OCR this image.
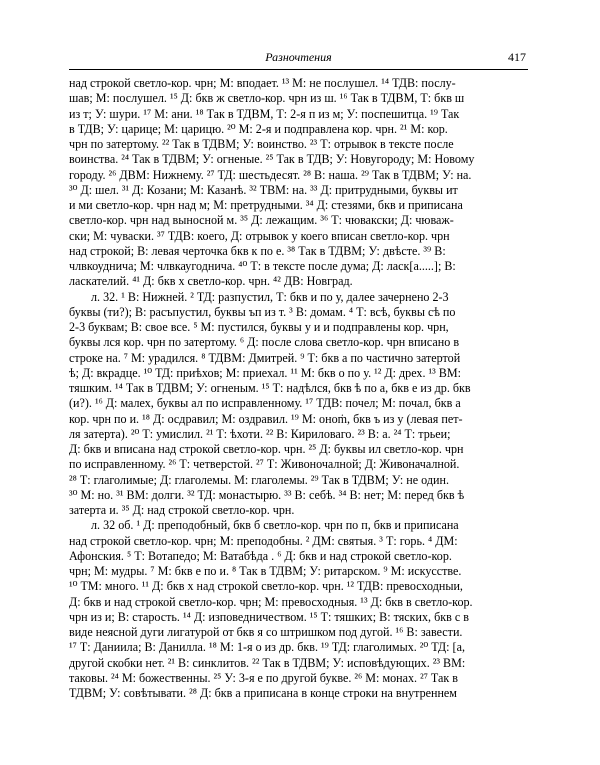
Разночтения	417
над строкой светло-кор. чрн; М: вподает. ¹³ М: не послушел. ¹⁴ ТДВ: послу-
шав; М: послушел. ¹⁵ Д: бкв ж светло-кор. чрн из ш. ¹⁶ Так в ТДВМ, Т: бкв ш
из т; У: шури. ¹⁷ М: ани. ¹⁸ Так в ТДВМ, Т: 2-я п из м; У: поспешитца. ¹⁹ Так
в ТДВ; У: царице; М: царицю. ²⁰ М: 2-я и подправлена кор. чрн. ²¹ М: кор.
чрн по затертому. ²² Так в ТДВМ; У: воинство. ²³ Т: отрывок в тексте после
воинства. ²⁴ Так в ТДВМ; У: огненые. ²⁵ Так в ТДВ; У: Новугороду; М: Новому
городу. ²⁶ ДВМ: Нижнему. ²⁷ ТД: шестьдесят. ²⁸ В: наша. ²⁹ Так в ТДВМ; У: на.
³⁰ Д: шел. ³¹ Д: Козани; М: Казанѣ. ³² ТВМ: на. ³³ Д: притрудными, буквы ит
и ми светло-кор. чрн над м; М: претрудными. ³⁴ Д: стезями, бкв и приписана
светло-кор. чрн над выносной м. ³⁵ Д: лежащим. ³⁶ Т: чювакски; Д: чюваж-
ски; М: чуваски. ³⁷ ТДВ: коего, Д: отрывок у коего вписан светло-кор. чрн
над строкой; В: левая черточка бкв к по е. ³⁸ Так в ТДВМ; У: двѣсте. ³⁹ В:
члвкоуднича; М: члвкаугоднича. ⁴⁰ Т: в тексте после дума; Д: ласк[а.....]; В:
ласкателий. ⁴¹ Д: бкв х светло-кор. чрн. ⁴² ДВ: Новград.
л. 32. ¹ В: Нижней. ² ТД: разпустил, Т: бкв и по у, далее зачернено 2-3
буквы (ти?); В: расъпустил, буквы ъп из т. ³ В: домам. ⁴ Т: всѣ, буквы сѣ по
2-3 буквам; В: свое все. ⁵ М: пустился, буквы у и и подправлены кор. чрн,
буквы лся кор. чрн по затертому. ⁶ Д: после слова светло-кор. чрн вписано в
строке на. ⁷ М: урадился. ⁸ ТДВМ: Дмитрей. ⁹ Т: бкв а по частично затертой
ѣ; Д: вкрадце. ¹⁰ ТД: приѣхов; М: приехал. ¹¹ М: бкв о по у. ¹² Д: дрех. ¹³ ВМ:
тяшким. ¹⁴ Так в ТДВМ; У: огненым. ¹⁵ Т: надѣлся, бкв ѣ по а, бкв е из др. бкв
(и?). ¹⁶ Д: малех, буквы ал по исправленному. ¹⁷ ТДВ: почел; М: почал, бкв а
кор. чрн по и. ¹⁸ Д: осдравил; М: оздравил. ¹⁹ М: оноṁ, бкв ъ из у (левая пет-
ля затерта). ²⁰ Т: умислил. ²¹ Т: ѣхоти. ²² В: Кириловаго. ²³ В: а. ²⁴ Т: трьеи;
Д: бкв и вписана над строкой светло-кор. чрн. ²⁵ Д: буквы ил светло-кор. чрн
по исправленному. ²⁶ Т: четверстой. ²⁷ Т: Живоночалной; Д: Живоначалной.
²⁸ Т: глаголимые; Д: глаголемы. М: глаголемы. ²⁹ Так в ТДВМ; У: не один.
³⁰ М: но. ³¹ ВМ: долги. ³² ТД: монастырю. ³³ В: себѣ. ³⁴ В: нет; М: перед бкв ѣ
затерта и. ³⁵ Д: над строкой светло-кор. чрн.
л. 32 об. ¹ Д: преподобный, бкв б светло-кор. чрн по п, бкв и приписана
над строкой светло-кор. чрн; М: преподобны. ² ДМ: святыя. ³ Т: горь. ⁴ ДМ:
Афонския. ⁵ Т: Вотапедо; М: Ватабѣда . ⁶ Д: бкв и над строкой светло-кор.
чрн; М: мудры. ⁷ М: бкв е по и. ⁸ Так в ТДВМ; У: ритарском. ⁹ М: искусстве.
¹⁰ ТМ: много. ¹¹ Д: бкв х над строкой светло-кор. чрн. ¹² ТДВ: превосходныи,
Д: бкв и над строкой светло-кор. чрн; М: превосходныя. ¹³ Д: бкв в светло-кор.
чрн из и; В: старость. ¹⁴ Д: изповедничеством. ¹⁵ Т: тяшких; В: тяских, бкв с в
виде неясной дуги лигатурой от бкв я со штришком под дугой. ¹⁶ В: завести.
¹⁷ Т: Даниила; В: Данилла. ¹⁸ М: 1-я о из др. бкв. ¹⁹ ТД: глаголимых. ²⁰ ТД: [а,
другой скобки нет. ²¹ В: синклитов. ²² Так в ТДВМ; У: исповѣдующих. ²³ ВМ:
таковы. ²⁴ М: божественны. ²⁵ У: 3-я е по другой букве. ²⁶ М: монах. ²⁷ Так в
ТДВМ; У: совѣтывати. ²⁸ Д: бкв а приписана в конце строки на внутреннем
